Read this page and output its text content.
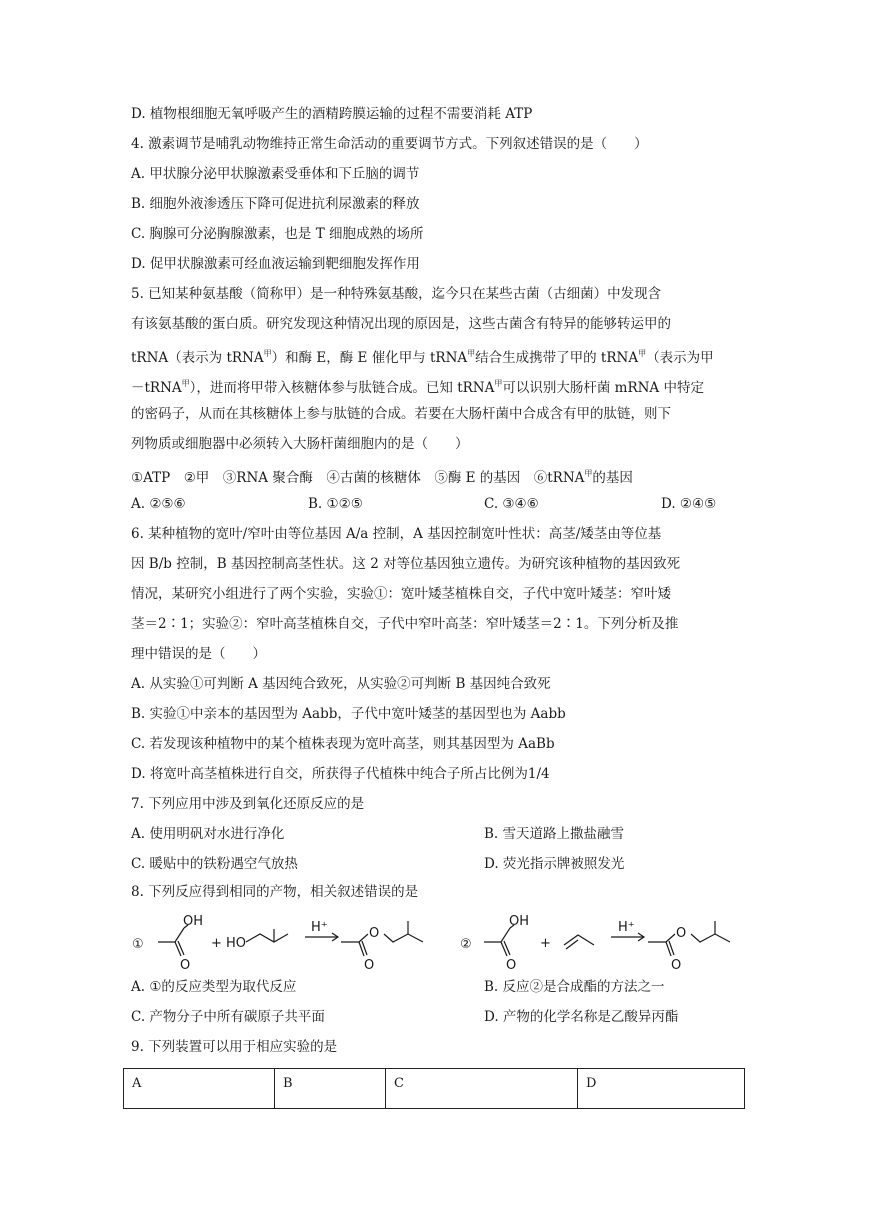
D. 植物根细胞无氧呼吸产生的酒精跨膜运输的过程不需要消耗 ATP
4. 激素调节是哺乳动物维持正常生命活动的重要调节方式。下列叙述错误的是（　　）
A. 甲状腺分泌甲状腺激素受垂体和下丘脑的调节
B. 细胞外液渗透压下降可促进抗利尿激素的释放
C. 胸腺可分泌胸腺激素，也是 T 细胞成熟的场所
D. 促甲状腺激素可经血液运输到靶细胞发挥作用
5. 已知某种氨基酸（简称甲）是一种特殊氨基酸，迄今只在某些古菌（古细菌）中发现含
有该氨基酸的蛋白质。研究发现这种情况出现的原因是，这些古菌含有特异的能够转运甲的
tRNA（表示为 tRNA$^甲$）和酶 E，酶 E 催化甲与 tRNA$^甲$结合生成携带了甲的 tRNA$^甲$（表示为甲
－tRNA$^甲$），进而将甲带入核糖体参与肽链合成。已知 tRNA$^甲$可以识别大肠杆菌 mRNA 中特定
的密码子，从而在其核糖体上参与肽链的合成。若要在大肠杆菌中合成含有甲的肽链，则下
列物质或细胞器中必须转入大肠杆菌细胞内的是（　　）
①ATP　②甲　③RNA 聚合酶　④古菌的核糖体　⑤酶 E 的基因　⑥tRNA$^甲$的基因
A. ②⑤⑥	B. ①②⑤	C. ③④⑥	D. ②④⑤
6. 某种植物的宽叶/窄叶由等位基因 A/a 控制，A 基因控制宽叶性状：高茎/矮茎由等位基
因 B/b 控制，B 基因控制高茎性状。这 2 对等位基因独立遗传。为研究该种植物的基因致死
情况，某研究小组进行了两个实验，实验①：宽叶矮茎植株自交，子代中宽叶矮茎：窄叶矮
茎＝2∶1；实验②：窄叶高茎植株自交，子代中窄叶高茎：窄叶矮茎＝2∶1。下列分析及推
理中错误的是（　　）
A. 从实验①可判断 A 基因纯合致死，从实验②可判断 B 基因纯合致死
B. 实验①中亲本的基因型为 Aabb，子代中宽叶矮茎的基因型也为 Aabb
C. 若发现该种植物中的某个植株表现为宽叶高茎，则其基因型为 AaBb
D. 将宽叶高茎植株进行自交，所获得子代植株中纯合子所占比例为1/4
7. 下列应用中涉及到氧化还原反应的是
A. 使用明矾对水进行净化	B. 雪天道路上撒盐融雪
C. 暖贴中的铁粉遇空气放热	D. 荧光指示牌被照发光
8. 下列反应得到相同的产物，相关叙述错误的是
①
OH
O
+ HO
H⁺	O
O
②
OH
O
+
H⁺	O
O
A. ①的反应类型为取代反应	B. 反应②是合成酯的方法之一
C. 产物分子中所有碳原子共平面	D. 产物的化学名称是乙酸异丙酯
9. 下列装置可以用于相应实验的是
A	B	C	D
